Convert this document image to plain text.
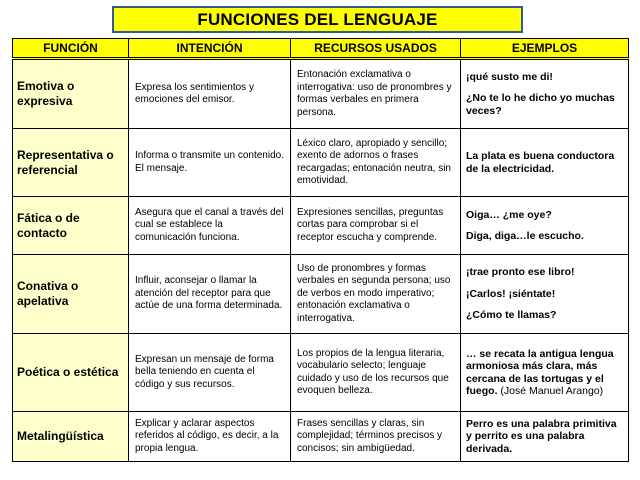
FUNCIONES DEL LENGUAJE
FUNCIÓN	INTENCIÓN	RECURSOS USADOS	EJEMPLOS
Emotiva o expresiva	Expresa los sentimientos y emociones del emisor.	Entonación exclamativa o interrogativa: uso de pronombres y formas verbales en primera persona.	¡qué susto me di!

¿No te lo he dicho yo muchas veces?

Representativa o referencial	Informa o transmite un contenido. El mensaje.	Léxico claro, apropiado y sencillo; exento de adornos o frases recargadas; entonación neutra, sin emotividad.	La plata es buena conductora de la electricidad.

Fática o de contacto	Asegura que el canal a través del cual se establece la comunicación funciona.	Expresiones sencillas, preguntas cortas para comprobar si el receptor escucha y comprende.	Oiga… ¿me oye?

Diga, diga…le escucho.

Conativa o apelativa	Influir, aconsejar o llamar la atención del receptor para que actúe de una forma determinada.	Uso de pronombres y formas verbales en segunda persona; uso de verbos en modo imperativo; entonación exclamativa o interrogativa.	¡trae pronto ese libro!

¡Carlos! ¡siéntate!

¿Cómo te llamas?

Poética o estética	Expresan un mensaje de forma bella teniendo en cuenta el código y sus recursos.	Los propios de la lengua literaria, vocabulario selecto; lenguaje cuidado y uso de los recursos que evoquen belleza.	… se recata la antigua lengua armoniosa más clara, más cercana de las tortugas y el fuego. (José Manuel Arango)

Metalingüística	Explicar y aclarar aspectos referidos al código, es decir, a la propia lengua.	Frases sencillas y claras, sin complejidad; términos precisos y concisos; sin ambigüedad.	Perro es una palabra primitiva y perrito es una palabra derivada.
